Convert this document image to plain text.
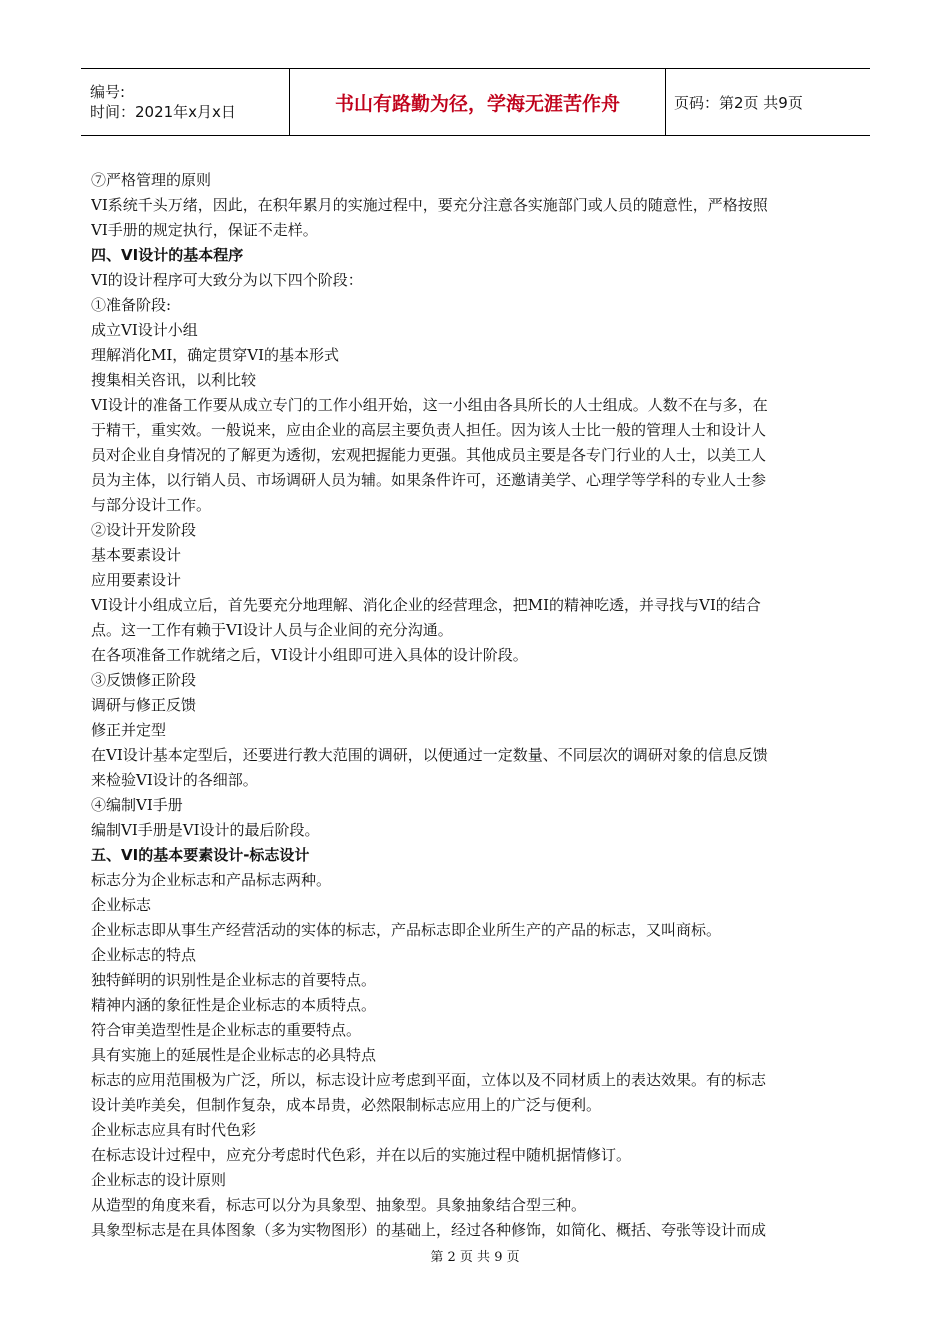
编号:
时间：2021年x月x日	书山有路勤为径，学海无涯苦作舟	页码：第2页 共9页
⑦严格管理的原则
VI系统千头万绪，因此，在积年累月的实施过程中，要充分注意各实施部门或人员的随意性，严格按照
VI手册的规定执行，保证不走样。
四、VI设计的基本程序
VI的设计程序可大致分为以下四个阶段：
①准备阶段:
成立VI设计小组
理解消化MI，确定贯穿VI的基本形式
搜集相关咨讯，以利比较
VI设计的准备工作要从成立专门的工作小组开始，这一小组由各具所长的人士组成。人数不在与多，在
于精干，重实效。一般说来，应由企业的高层主要负责人担任。因为该人士比一般的管理人士和设计人
员对企业自身情况的了解更为透彻，宏观把握能力更强。其他成员主要是各专门行业的人士，以美工人
员为主体，以行销人员、市场调研人员为辅。如果条件许可，还邀请美学、心理学等学科的专业人士参
与部分设计工作。
②设计开发阶段
基本要素设计
应用要素设计
VI设计小组成立后，首先要充分地理解、消化企业的经营理念，把MI的精神吃透，并寻找与VI的结合
点。这一工作有赖于VI设计人员与企业间的充分沟通。
在各项准备工作就绪之后，VI设计小组即可进入具体的设计阶段。
③反馈修正阶段
调研与修正反馈
修正并定型
在VI设计基本定型后，还要进行教大范围的调研，以便通过一定数量、不同层次的调研对象的信息反馈
来检验VI设计的各细部。
④编制VI手册
编制VI手册是VI设计的最后阶段。
五、VI的基本要素设计-标志设计
标志分为企业标志和产品标志两种。
企业标志
企业标志即从事生产经营活动的实体的标志，产品标志即企业所生产的产品的标志，又叫商标。
企业标志的特点
独特鲜明的识别性是企业标志的首要特点。
精神内涵的象征性是企业标志的本质特点。
符合审美造型性是企业标志的重要特点。
具有实施上的延展性是企业标志的必具特点
标志的应用范围极为广泛，所以，标志设计应考虑到平面，立体以及不同材质上的表达效果。有的标志
设计美咋美矣，但制作复杂，成本昂贵，必然限制标志应用上的广泛与便利。
企业标志应具有时代色彩
在标志设计过程中，应充分考虑时代色彩，并在以后的实施过程中随机据情修订。
企业标志的设计原则
从造型的角度来看，标志可以分为具象型、抽象型。具象抽象结合型三种。
具象型标志是在具体图象（多为实物图形）的基础上，经过各种修饰，如简化、概括、夸张等设计而成
第 2 页 共 9 页
